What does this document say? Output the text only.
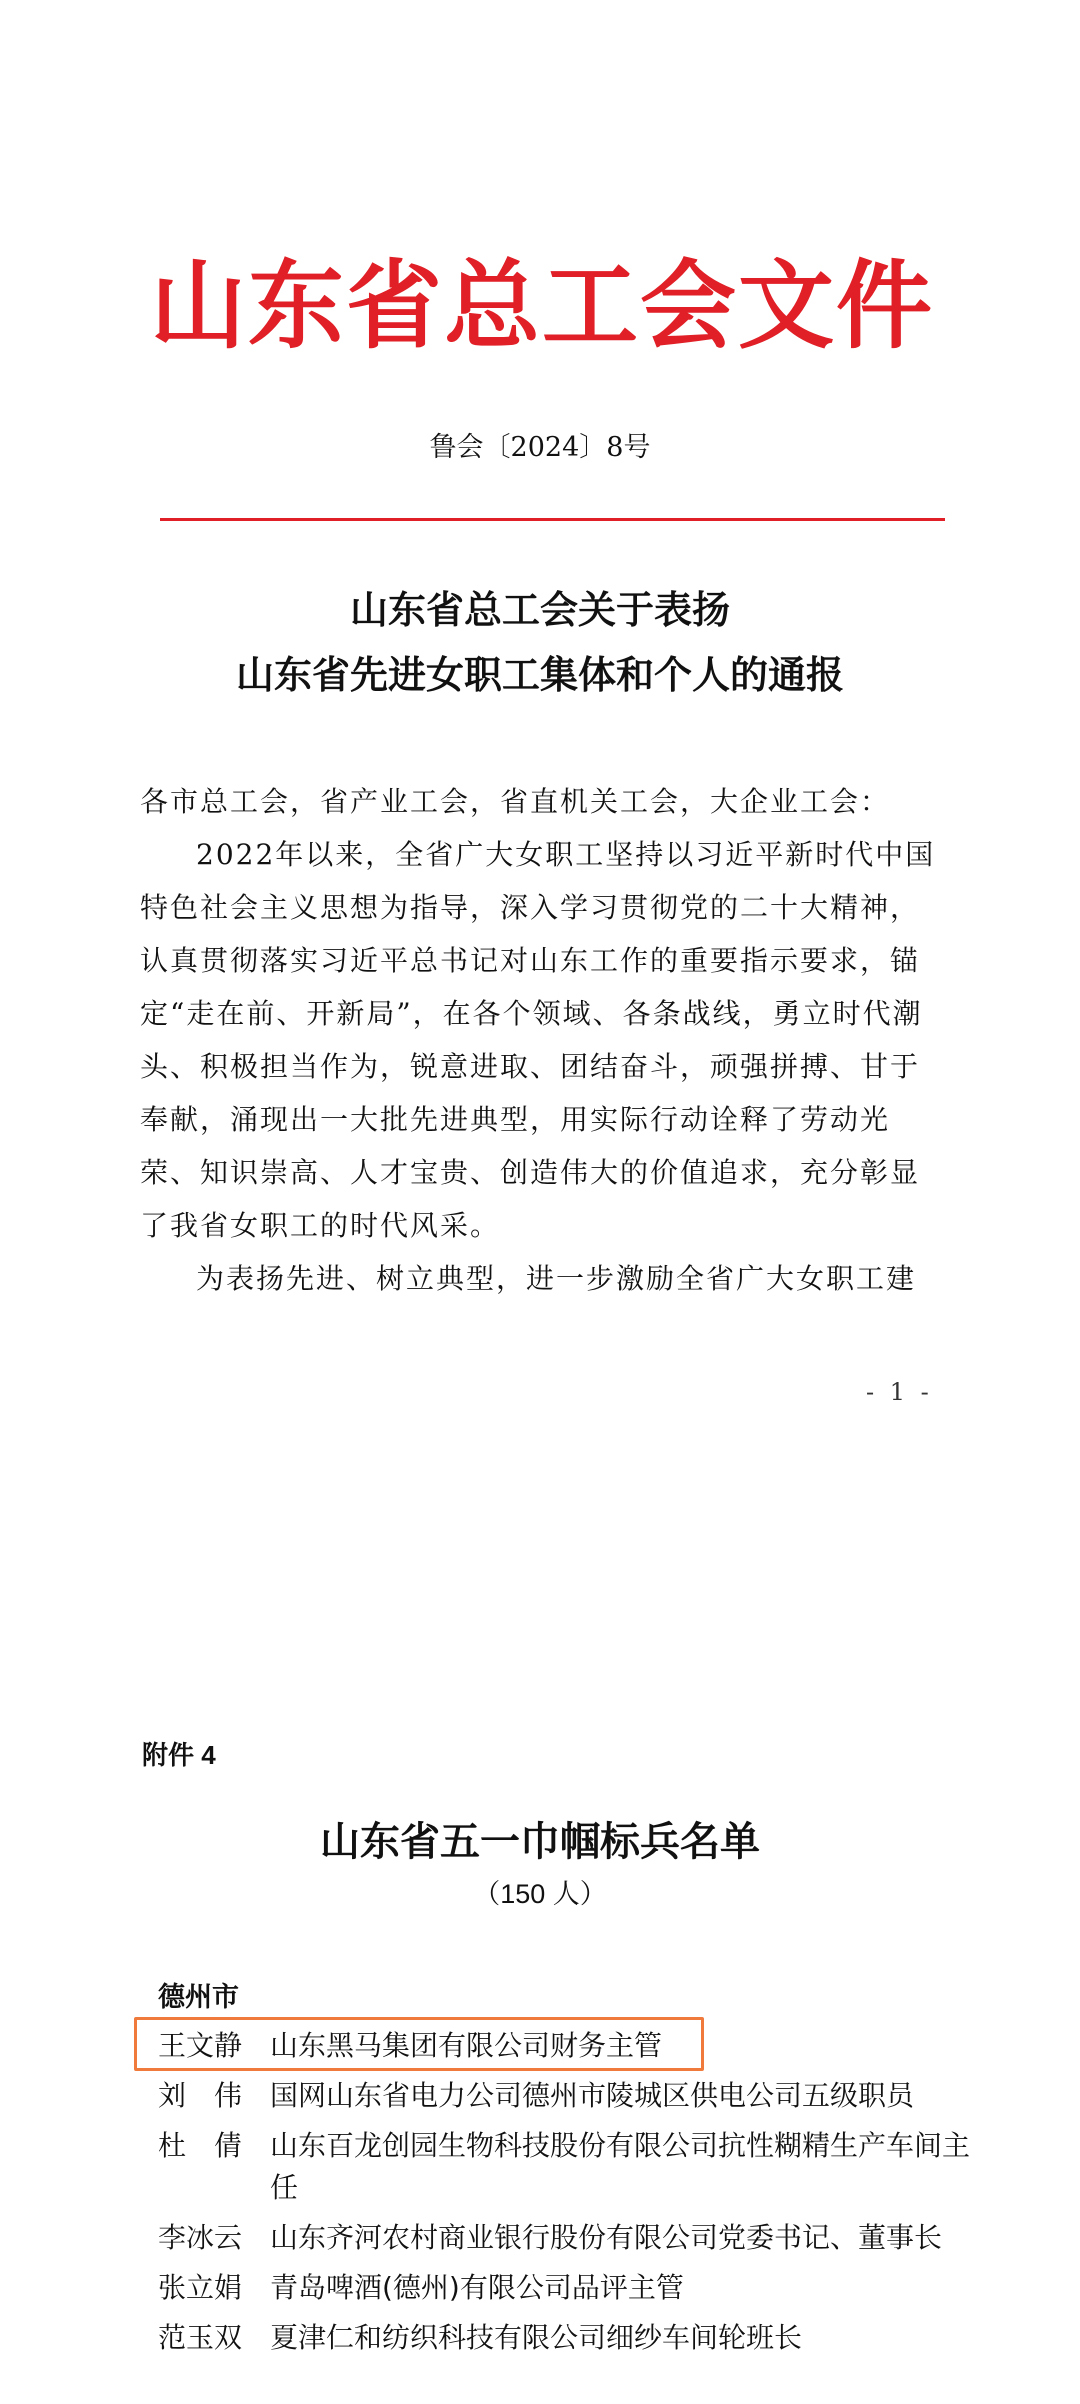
山东省总工会文件
鲁会〔2024〕8号
山东省总工会关于表扬
山东省先进女职工集体和个人的通报

各市总工会，省产业工会，省直机关工会，大企业工会：

2022年以来，全省广大女职工坚持以习近平新时代中国特色社会主义思想为指导，深入学习贯彻党的二十大精神，认真贯彻落实习近平总书记对山东工作的重要指示要求，锚定“走在前、开新局”，在各个领域、各条战线，勇立时代潮头、积极担当作为，锐意进取、团结奋斗，顽强拼搏、甘于奉献，涌现出一大批先进典型，用实际行动诠释了劳动光荣、知识崇高、人才宝贵、创造伟大的价值追求，充分彰显了我省女职工的时代风采。

为表扬先进、树立典型，进一步激励全省广大女职工建

- 1 -
附件 4
山东省五一巾帼标兵名单
（150 人）
德州市
王文静 山东黑马集团有限公司财务主管
刘　伟 国网山东省电力公司德州市陵城区供电公司五级职员
杜　倩 山东百龙创园生物科技股份有限公司抗性糊精生产车间主任
李冰云 山东齐河农村商业银行股份有限公司党委书记、董事长
张立娟 青岛啤酒(德州)有限公司品评主管
范玉双 夏津仁和纺织科技有限公司细纱车间轮班长
